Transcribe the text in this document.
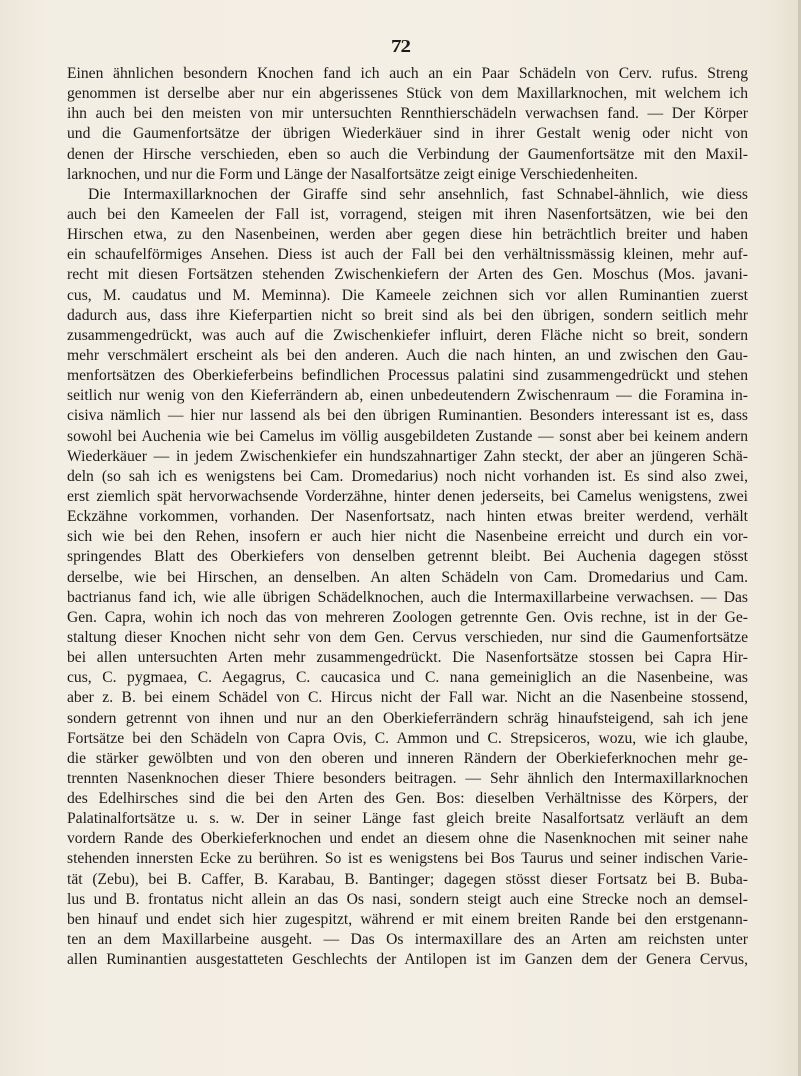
72
Einen ähnlichen besondern Knochen fand ich auch an ein Paar Schädeln von Cerv. rufus. Streng
genommen ist derselbe aber nur ein abgerissenes Stück von dem Maxillarknochen, mit welchem ich
ihn auch bei den meisten von mir untersuchten Rennthierschädeln verwachsen fand. — Der Körper
und die Gaumenfortsätze der übrigen Wiederkäuer sind in ihrer Gestalt wenig oder nicht von
denen der Hirsche verschieden, eben so auch die Verbindung der Gaumenfortsätze mit den Maxil-
larknochen, und nur die Form und Länge der Nasalfortsätze zeigt einige Verschiedenheiten.
Die Intermaxillarknochen der Giraffe sind sehr ansehnlich, fast Schnabel-ähnlich, wie diess
auch bei den Kameelen der Fall ist, vorragend, steigen mit ihren Nasenfortsätzen, wie bei den
Hirschen etwa, zu den Nasenbeinen, werden aber gegen diese hin beträchtlich breiter und haben
ein schaufelförmiges Ansehen. Diess ist auch der Fall bei den verhältnissmässig kleinen, mehr auf-
recht mit diesen Fortsätzen stehenden Zwischenkiefern der Arten des Gen. Moschus (Mos. javani-
cus, M. caudatus und M. Meminna). Die Kameele zeichnen sich vor allen Ruminantien zuerst
dadurch aus, dass ihre Kieferpartien nicht so breit sind als bei den übrigen, sondern seitlich mehr
zusammengedrückt, was auch auf die Zwischenkiefer influirt, deren Fläche nicht so breit, sondern
mehr verschmälert erscheint als bei den anderen. Auch die nach hinten, an und zwischen den Gau-
menfortsätzen des Oberkieferbeins befindlichen Processus palatini sind zusammengedrückt und stehen
seitlich nur wenig von den Kieferrändern ab, einen unbedeutendern Zwischenraum — die Foramina in-
cisiva nämlich — hier nur lassend als bei den übrigen Ruminantien. Besonders interessant ist es, dass
sowohl bei Auchenia wie bei Camelus im völlig ausgebildeten Zustande — sonst aber bei keinem andern
Wiederkäuer — in jedem Zwischenkiefer ein hundszahnartiger Zahn steckt, der aber an jüngeren Schä-
deln (so sah ich es wenigstens bei Cam. Dromedarius) noch nicht vorhanden ist. Es sind also zwei,
erst ziemlich spät hervorwachsende Vorderzähne, hinter denen jederseits, bei Camelus wenigstens, zwei
Eckzähne vorkommen, vorhanden. Der Nasenfortsatz, nach hinten etwas breiter werdend, verhält
sich wie bei den Rehen, insofern er auch hier nicht die Nasenbeine erreicht und durch ein vor-
springendes Blatt des Oberkiefers von denselben getrennt bleibt. Bei Auchenia dagegen stösst
derselbe, wie bei Hirschen, an denselben. An alten Schädeln von Cam. Dromedarius und Cam.
bactrianus fand ich, wie alle übrigen Schädelknochen, auch die Intermaxillarbeine verwachsen. — Das
Gen. Capra, wohin ich noch das von mehreren Zoologen getrennte Gen. Ovis rechne, ist in der Ge-
staltung dieser Knochen nicht sehr von dem Gen. Cervus verschieden, nur sind die Gaumenfortsätze
bei allen untersuchten Arten mehr zusammengedrückt. Die Nasenfortsätze stossen bei Capra Hir-
cus, C. pygmaea, C. Aegagrus, C. caucasica und C. nana gemeiniglich an die Nasenbeine, was
aber z. B. bei einem Schädel von C. Hircus nicht der Fall war. Nicht an die Nasenbeine stossend,
sondern getrennt von ihnen und nur an den Oberkieferrändern schräg hinaufsteigend, sah ich jene
Fortsätze bei den Schädeln von Capra Ovis, C. Ammon und C. Strepsiceros, wozu, wie ich glaube,
die stärker gewölbten und von den oberen und inneren Rändern der Oberkieferknochen mehr ge-
trennten Nasenknochen dieser Thiere besonders beitragen. — Sehr ähnlich den Intermaxillarknochen
des Edelhirsches sind die bei den Arten des Gen. Bos: dieselben Verhältnisse des Körpers, der
Palatinalfortsätze u. s. w. Der in seiner Länge fast gleich breite Nasalfortsatz verläuft an dem
vordern Rande des Oberkieferknochen und endet an diesem ohne die Nasenknochen mit seiner nahe
stehenden innersten Ecke zu berühren. So ist es wenigstens bei Bos Taurus und seiner indischen Varie-
tät (Zebu), bei B. Caffer, B. Karabau, B. Bantinger; dagegen stösst dieser Fortsatz bei B. Buba-
lus und B. frontatus nicht allein an das Os nasi, sondern steigt auch eine Strecke noch an demsel-
ben hinauf und endet sich hier zugespitzt, während er mit einem breiten Rande bei den erstgenann-
ten an dem Maxillarbeine ausgeht. — Das Os intermaxillare des an Arten am reichsten unter
allen Ruminantien ausgestatteten Geschlechts der Antilopen ist im Ganzen dem der Genera Cervus,
